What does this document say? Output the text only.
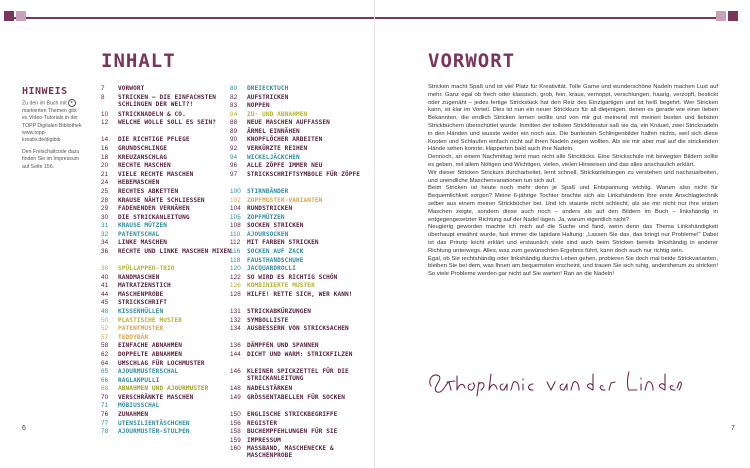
INHALT
HINWEIS

Zu den im Buch mit  markierten Themen gibt es Video-Tutorials in der TOPP Digitalen Bibliothek www.topp-kreativ.de/digibib

Den Freischaltcode dazu finden Sie im Impressum auf Seite 156.

7	VORWORT
8	STRICKEN – DIE EINFACHSTEN SCHLINGEN DER WELT?!
10	STRICKNADELN & CO.
12	WELCHE WOLLE SOLL ES SEIN?
14	DIE RICHTIGE PFLEGE
16	GRUNDSCHLINGE
18	KREUZANSCHLAG
20	RECHTE MASCHEN
21	VIELE RECHTE MASCHEN
24	HEBEMASCHEN
25	RECHTES ABKETTEN
28	KRAUSE NÄHTE SCHLIESSEN
29	FADENENDEN VERNÄHEN
30	DIE STRICKANLEITUNG
31	KRAUSE MÜTZEN
32	PATENTSCHAL
34	LINKE MASCHEN
36	RECHTE UND LINKE MASCHEN MIXEN
38	SPÜLLAPPEN-TRIO
40	RANDMASCHEN
41	MATRATZENSTICH
44	MASCHENPROBE
45	STRICKSCHRIFT
48	KISSENHÜLLEN
50	PLASTISCHE MUSTER
52	PATENTMUSTER
57	TEDDYBÄR
58	EINFACHE ABNAHMEN
62	DOPPELTE ABNAHMEN
64	UMSCHLAG FÜR LOCHMUSTER
65	AJOURMUSTERSCHAL
66	RAGLANPULLI
68	ABNAHMEN UND AJOURMUSTER
70	VERSCHRÄNKTE MASCHEN
71	MÖBIUSSCHAL
76	ZUNAHMEN
77	UTENSILIENTÄSCHCHEN
78	AJOURMUSTER-STULPEN
80	DREIECKTUCH
82	AUFSTRICKEN
83	NOPPEN
84	ZU- UND ABNAHMEN
88	NEUE MASCHEN AUFFASSEN
89	ÄRMEL EINNÄHEN
90	KNOPFLÖCHER ARBEITEN
92	VERKÜRZTE REIHEN
94	WICKELJÄCKCHEN
96	ALLE ZÖPFE IMMER NEU
97	STRICKSCHRIFTSYMBOLE FÜR ZÖPFE
100	STIRNBÄNDER
102	ZOPFMUSTER-VARIANTEN
104	RUNDSTRICKEN
105	ZOPFMÜTZEN
108	SOCKEN STRICKEN
110	AJOURSOCKEN
112	MIT FARBEN STRICKEN
116	SOCKEN AUF ZACK
118	FAUSTHANDSCHUHE
120	JACQUARDROLLI
122	SO WIRD ES RICHTIG SCHÖN
126	KOMBINIERTE MUSTER
128	HILFE! RETTE SICH, WER KANN!
131	STRICKABKÜRZUNGEN
132	SYMBOLLISTE
134	AUSBESSERN VON STRICKSACHEN
136	DÄMPFEN UND SPANNEN
144	DICHT UND WARM: STRICKFILZEN
146	KLEINER SPICKZETTEL FÜR DIE STRICKANLEITUNG
148	NADELSTÄRKEN
149	GRÖSSENTABELLEN FÜR SOCKEN
150	ENGLISCHE STRICKBEGRIFFE
156	REGISTER
158	BUCHEMPFEHLUNGEN FÜR SIE
159	IMPRESSUM
160	MASSBAND, MASCHENECKE & MASCHENPROBE
6
VORWORT

Stricken macht Spaß und ist viel Platz für Kreativität. Tolle Garne und wunderschöne Nadeln machen Lust auf mehr. Ganz egal ob frech oder klassisch, grob, fein, kraus, vernoppt, verschlungen, haarig, verzopft, bestickt oder zugenäht – jedes fertige Strickstück hat den Reiz des Einzigartigen und ist heiß begehrt. Wer Stricken kann, ist klar im Vorteil. Dies ist nun ein neuer Strickkurs für all diejenigen, denen es gerade wie einer lieben Bekannten, die endlich Stricken lernen wollte und von mir gut meinend mit meinen besten und liebsten Strickbüchern überschüttet wurde. Inmitten der tollsten Strickliteratur saß sie da, ein Knäuel, zwei Stricknadeln in den Händen und wusste weder ein noch aus. Die buntesten Schlingenbilder halfen nichts, weil sich diese Knoten und Schlaufen einfach nicht auf ihren Nadeln zeigen wollten. Als sie mir aber mal auf die strickenden Hände sehen konnte, klapperten bald auch ihre Nadeln.

Dennoch, an einem Nachmittag lernt man nicht alle Strickticks. Eine Strickschule mit bewegten Bildern sollte es geben, mit allem Nötigen und Wichtigen, vielen, vielen Hinweisen und das alles anschaulich erklärt.

Wir dieser Stricken Strickurs durcharbeitet, lernt schnell, Strickanleitungen zu verstehen und nachzuarbeiten, und unendliche Maschenvariationen tun sich auf.

Beim Stricken ist heute noch mehr denn je Spaß und Entspannung wichtig. Warum also nicht für Bequemlichkeit sorgen? Meine 6-jährige Tochter brachte sich als Linkshänderin ihre erste Anschlagtechnik selber aus einem meiner Strickbücher bei. Und ich staunte nicht schlecht, als sie mir nicht nur ihre ersten Maschen zeigte, sondern diese auch noch – anders als auf den Bildern im Buch – linkshändig in entgegengesetzter Richtung auf der Nadel lagen. Ja, warum eigentlich nicht?

Neugierig geworden machte ich mich auf die Suche und fand, wenn denn das Thema Linkshändigkeit überhaupt erwähnt wurde, fast immer die lapidare Haltung: „Lassen Sie das, das bringt nur Probleme!“ Dabei ist das Prinzip leicht erklärt und erstaunlich viele sind auch beim Stricken bereits linkshändig in anderer Richtung unterwegs. Alles, was zum gewünschten Ergebnis führt, kann doch auch nur richtig sein.

Egal, ob Sie rechtshändig oder linkshändig durchs Leben gehen, probieren Sie doch mal beide Strickvarianten, bleiben Sie bei dem, was Ihnen am bequemsten erscheint, und trauen Sie sich ruhig, andersherum zu stricken! So viele Probleme werden gar nicht auf Sie warten! Ran an die Nadeln!

7
